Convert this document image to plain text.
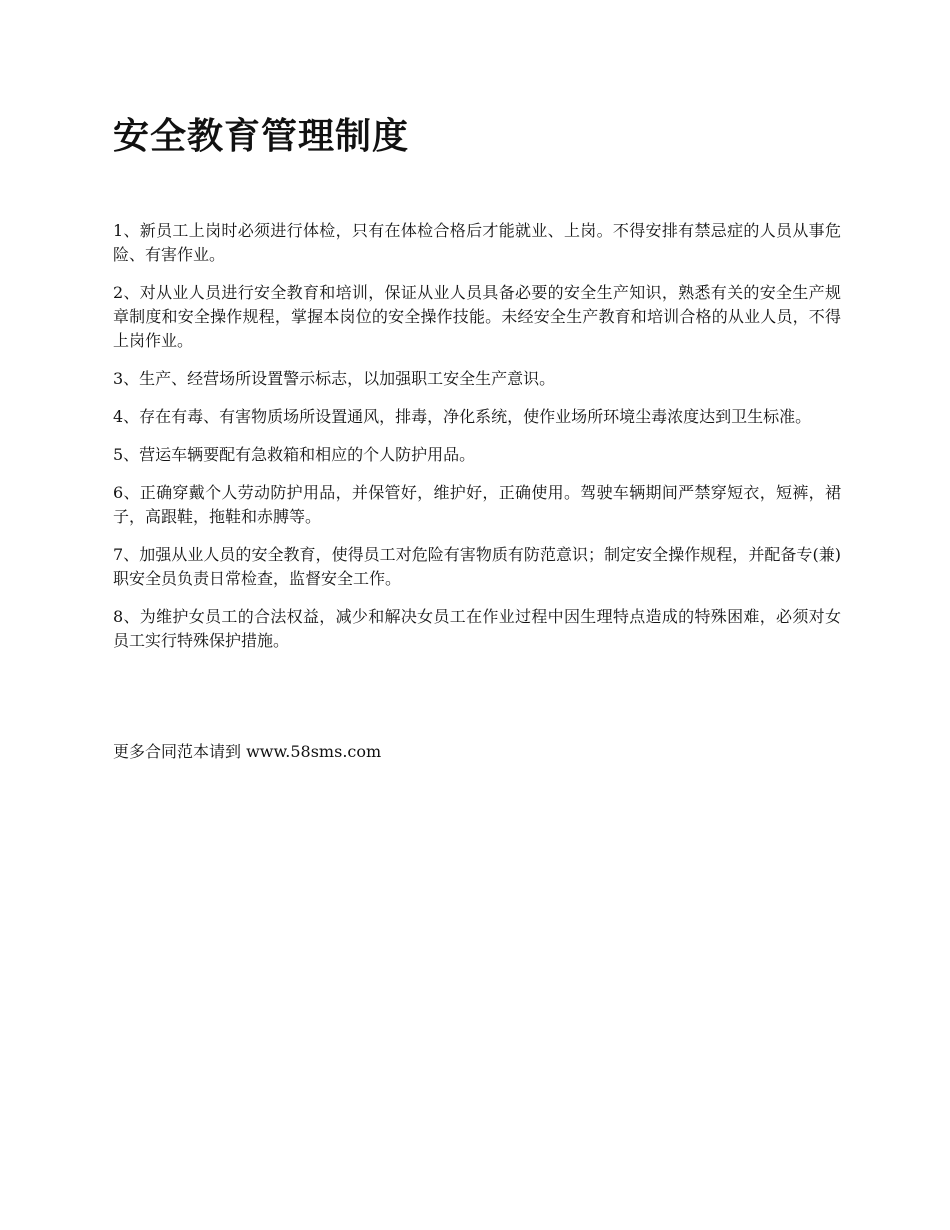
安全教育管理制度

1、新员工上岗时必须进行体检，只有在体检合格后才能就业、上岗。不得安排有禁忌症的人员从事危险、有害作业。

2、对从业人员进行安全教育和培训，保证从业人员具备必要的安全生产知识，熟悉有关的安全生产规章制度和安全操作规程，掌握本岗位的安全操作技能。未经安全生产教育和培训合格的从业人员，不得上岗作业。

3、生产、经营场所设置警示标志，以加强职工安全生产意识。

4、存在有毒、有害物质场所设置通风，排毒，净化系统，使作业场所环境尘毒浓度达到卫生标准。

5、营运车辆要配有急救箱和相应的个人防护用品。

6、正确穿戴个人劳动防护用品，并保管好，维护好，正确使用。驾驶车辆期间严禁穿短衣，短裤，裙子，高跟鞋，拖鞋和赤膊等。

7、加强从业人员的安全教育，使得员工对危险有害物质有防范意识；制定安全操作规程，并配备专(兼)职安全员负责日常检查，监督安全工作。

8、为维护女员工的合法权益，减少和解决女员工在作业过程中因生理特点造成的特殊困难，必须对女员工实行特殊保护措施。

更多合同范本请到 www.58sms.com
